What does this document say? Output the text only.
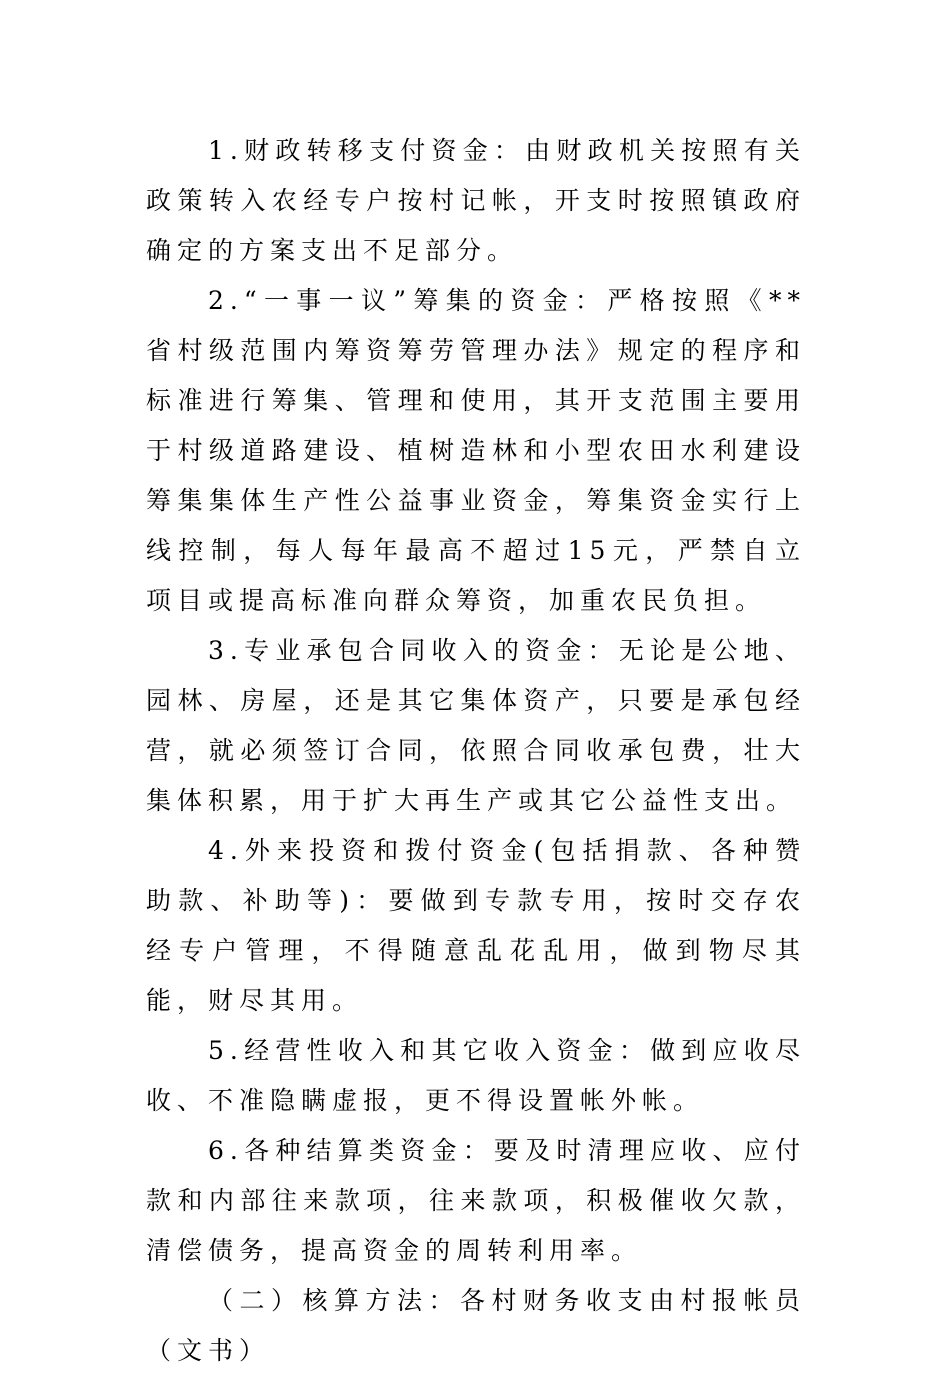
1.财政转移支付资金：由财政机关按照有关政策转入农经专户按村记帐，开支时按照镇政府确定的方案支出不足部分。

2.“一事一议”筹集的资金：严格按照《**省村级范围内筹资筹劳管理办法》规定的程序和标准进行筹集、管理和使用，其开支范围主要用于村级道路建设、植树造林和小型农田水利建设筹集集体生产性公益事业资金，筹集资金实行上线控制，每人每年最高不超过15元，严禁自立项目或提高标准向群众筹资，加重农民负担。

3.专业承包合同收入的资金：无论是公地、园林、房屋，还是其它集体资产，只要是承包经营，就必须签订合同，依照合同收承包费，壮大集体积累，用于扩大再生产或其它公益性支出。

4.外来投资和拨付资金(包括捐款、各种赞助款、补助等)：要做到专款专用，按时交存农经专户管理，不得随意乱花乱用，做到物尽其能，财尽其用。

5.经营性收入和其它收入资金：做到应收尽收、不准隐瞒虚报，更不得设置帐外帐。

6.各种结算类资金：要及时清理应收、应付款和内部往来款项，往来款项，积极催收欠款，清偿债务，提高资金的周转利用率。

（二）核算方法：各村财务收支由村报帐员（文书）
